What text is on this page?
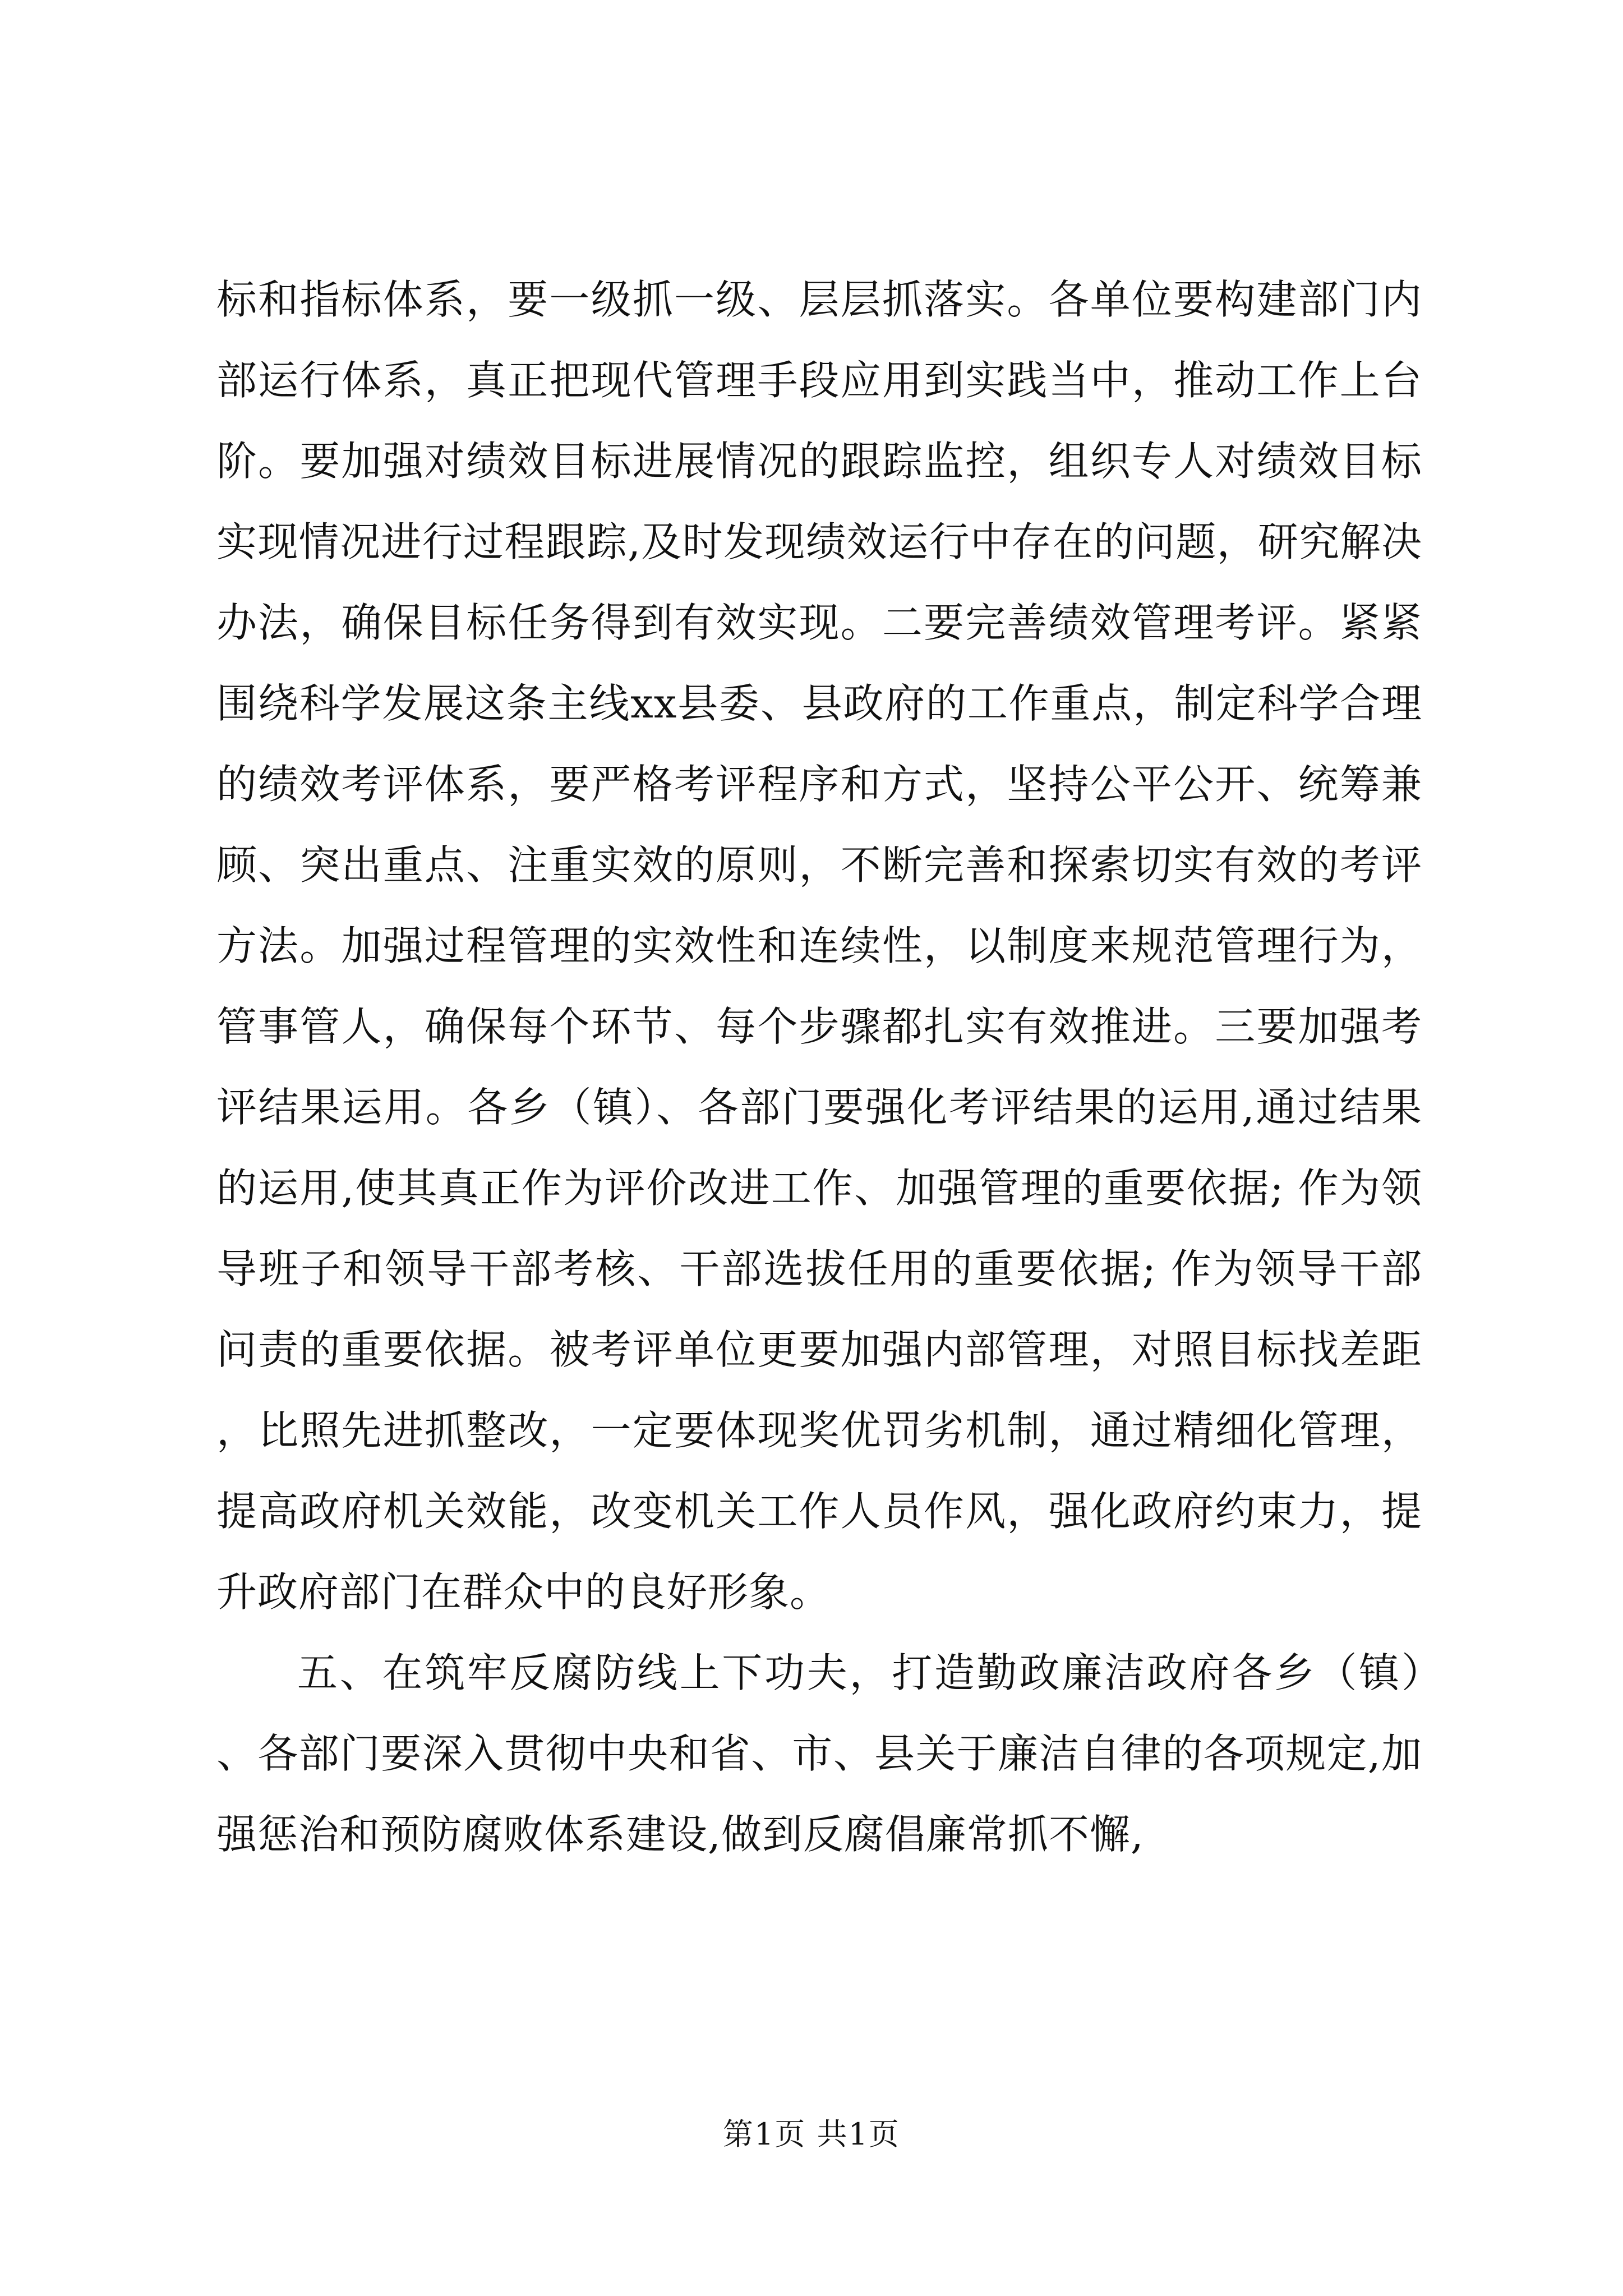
标和指标体系，要一级抓一级、层层抓落实。各单位要构建部门内部运行体系，真正把现代管理手段应用到实践当中，推动工作上台阶。要加强对绩效目标进展情况的跟踪监控，组织专人对绩效目标实现情况进行过程跟踪,及时发现绩效运行中存在的问题，研究解决办法，确保目标任务得到有效实现。二要完善绩效管理考评。紧紧围绕科学发展这条主线xx县委、县政府的工作重点，制定科学合理的绩效考评体系，要严格考评程序和方式，坚持公平公开、统筹兼顾、突出重点、注重实效的原则，不断完善和探索切实有效的考评方法。加强过程管理的实效性和连续性，以制度来规范管理行为，管事管人，确保每个环节、每个步骤都扎实有效推进。三要加强考评结果运用。各乡（镇）、各部门要强化考评结果的运用,通过结果的运用,使其真正作为评价改进工作、加强管理的重要依据; 作为领导班子和领导干部考核、干部选拔任用的重要依据; 作为领导干部问责的重要依据。被考评单位更要加强内部管理，对照目标找差距，比照先进抓整改，一定要体现奖优罚劣机制，通过精细化管理，提高政府机关效能，改变机关工作人员作风，强化政府约束力，提升政府部门在群众中的良好形象。

五、在筑牢反腐防线上下功夫，打造勤政廉洁政府各乡（镇）、各部门要深入贯彻中央和省、市、县关于廉洁自律的各项规定,加强惩治和预防腐败体系建设,做到反腐倡廉常抓不懈,

第1页 共1页
